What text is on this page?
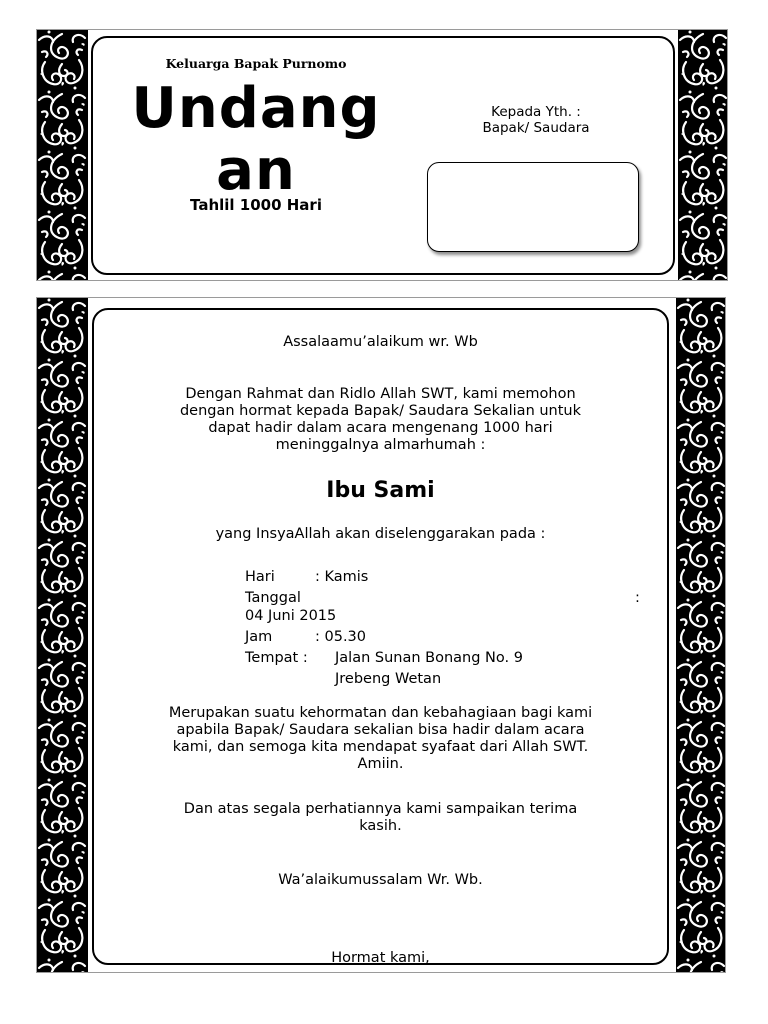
Keluarga Bapak Purnomo
Undang
an
Tahlil 1000 Hari
Kepada Yth. :
Bapak/ Saudara
Assalaamu’alaikum wr. Wb
Dengan Rahmat dan Ridlo Allah SWT, kami memohon
dengan hormat kepada Bapak/ Saudara Sekalian untuk
dapat hadir dalam acara mengenang 1000 hari
meninggalnya almarhumah :
Ibu Sami
yang InsyaAllah akan diselenggarakan pada :
Hari	: Kamis
Tanggal	:
04 Juni 2015
Jam	: 05.30
Tempat : Jalan Sunan Bonang No. 9
Jrebeng Wetan
Merupakan suatu kehormatan dan kebahagiaan bagi kami
apabila Bapak/ Saudara sekalian bisa hadir dalam acara
kami, dan semoga kita mendapat syafaat dari Allah SWT.
Amiin.
Dan atas segala perhatiannya kami sampaikan terima
kasih.
Wa’alaikumussalam Wr. Wb.
Hormat kami,
